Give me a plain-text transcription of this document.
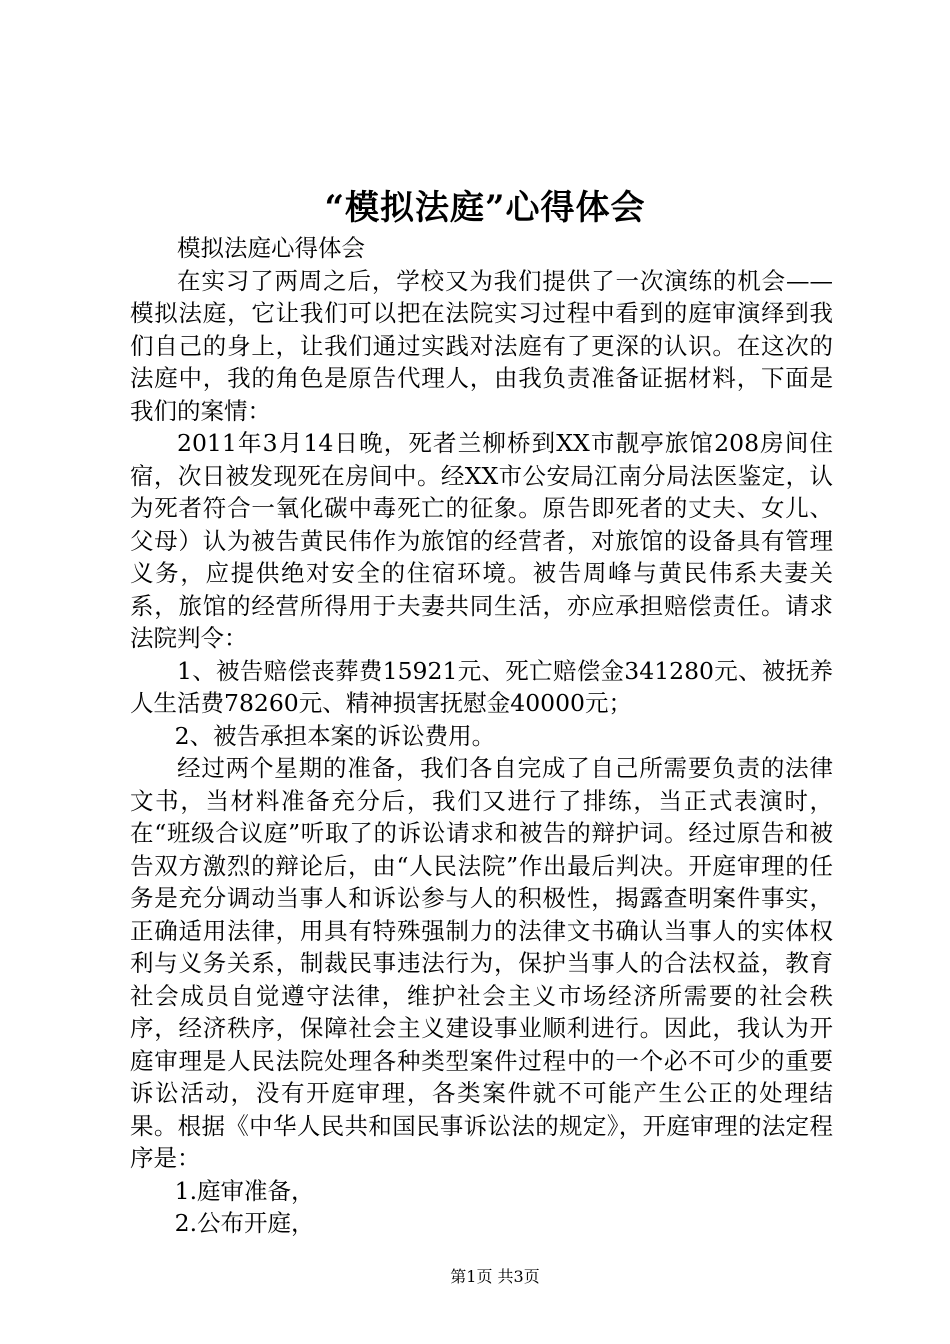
“模拟法庭”心得体会

模拟法庭心得体会

在实习了两周之后，学校又为我们提供了一次演练的机会——模拟法庭，它让我们可以把在法院实习过程中看到的庭审演绎到我们自己的身上，让我们通过实践对法庭有了更深的认识。在这次的法庭中，我的角色是原告代理人，由我负责准备证据材料，下面是我们的案情：

2011年3月14日晚，死者兰柳桥到XX市靓亭旅馆208房间住宿，次日被发现死在房间中。经XX市公安局江南分局法医鉴定，认为死者符合一氧化碳中毒死亡的征象。原告即死者的丈夫、女儿、父母）认为被告黄民伟作为旅馆的经营者，对旅馆的设备具有管理义务，应提供绝对安全的住宿环境。被告周峰与黄民伟系夫妻关系，旅馆的经营所得用于夫妻共同生活，亦应承担赔偿责任。请求法院判令：

1、被告赔偿丧葬费15921元、死亡赔偿金341280元、被抚养人生活费78260元、精神损害抚慰金40000元；

2、被告承担本案的诉讼费用。

经过两个星期的准备，我们各自完成了自己所需要负责的法律文书，当材料准备充分后，我们又进行了排练，当正式表演时，在“班级合议庭”听取了的诉讼请求和被告的辩护词。经过原告和被告双方激烈的辩论后，由“人民法院”作出最后判决。开庭审理的任务是充分调动当事人和诉讼参与人的积极性，揭露查明案件事实，正确适用法律，用具有特殊强制力的法律文书确认当事人的实体权利与义务关系，制裁民事违法行为，保护当事人的合法权益，教育社会成员自觉遵守法律，维护社会主义市场经济所需要的社会秩序，经济秩序，保障社会主义建设事业顺利进行。因此，我认为开庭审理是人民法院处理各种类型案件过程中的一个必不可少的重要诉讼活动，没有开庭审理，各类案件就不可能产生公正的处理结果。根据《中华人民共和国民事诉讼法的规定》，开庭审理的法定程序是：

1.庭审准备，

2.公布开庭，

第1页 共3页
